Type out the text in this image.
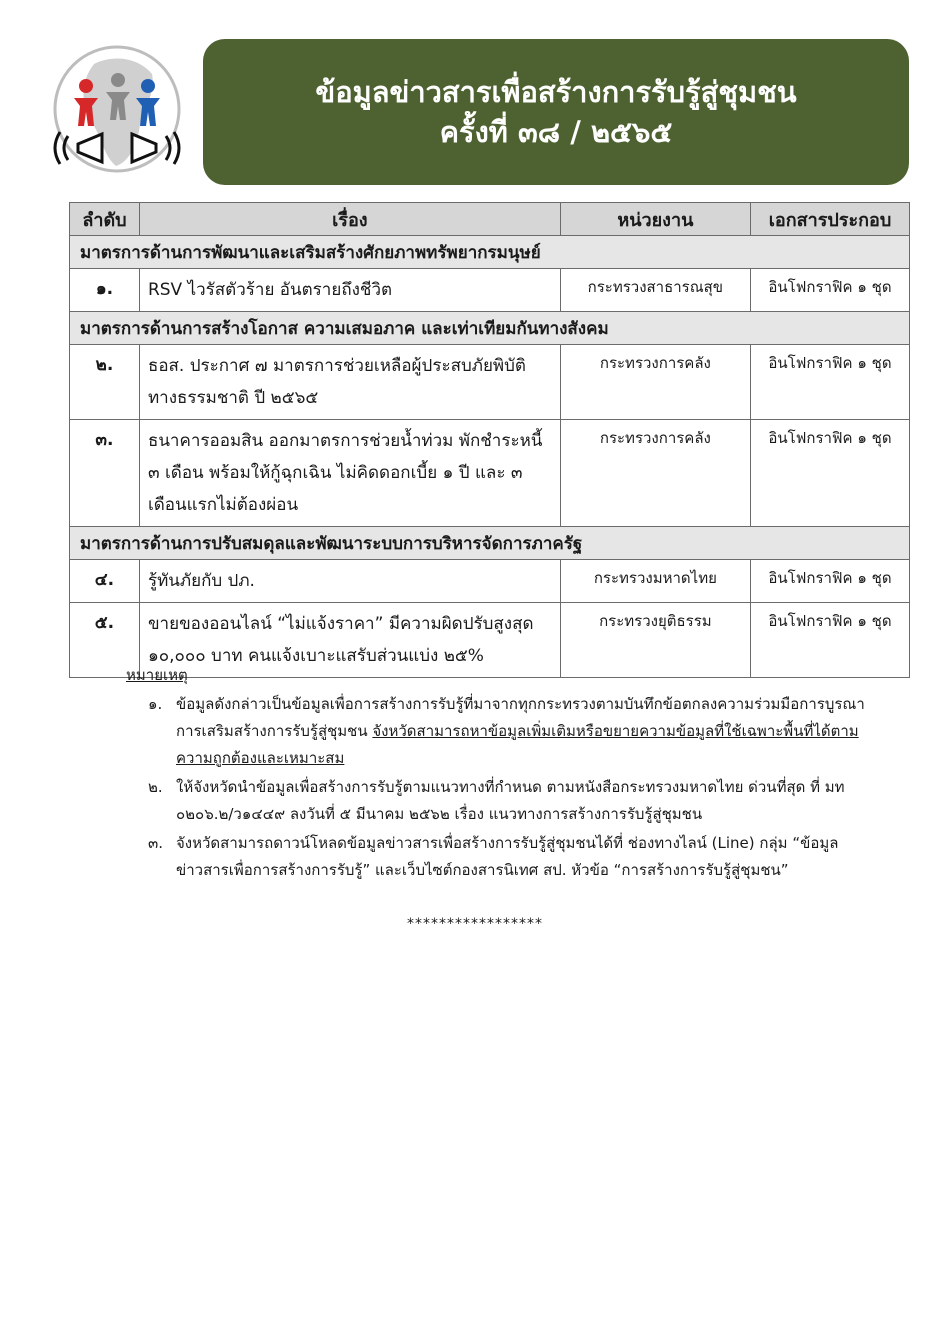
ข้อมูลข่าวสารเพื่อสร้างการรับรู้สู่ชุมชน
ครั้งที่ ๓๘ / ๒๕๖๕
ลำดับ	เรื่อง	หน่วยงาน	เอกสารประกอบ
มาตรการด้านการพัฒนาและเสริมสร้างศักยภาพทรัพยากรมนุษย์			
๑.	RSV ไวรัสตัวร้าย อันตรายถึงชีวิต	กระทรวงสาธารณสุข	อินโฟกราฟิค ๑ ชุด
มาตรการด้านการสร้างโอกาส ความเสมอภาค และเท่าเทียมกันทางสังคม			
๒.	ธอส. ประกาศ ๗ มาตรการช่วยเหลือผู้ประสบภัยพิบัติ ทางธรรมชาติ ปี ๒๕๖๕	กระทรวงการคลัง	อินโฟกราฟิค ๑ ชุด
๓.	ธนาคารออมสิน ออกมาตรการช่วยน้ำท่วม พักชำระหนี้ ๓ เดือน พร้อมให้กู้ฉุกเฉิน ไม่คิดดอกเบี้ย ๑ ปี และ ๓ เดือนแรกไม่ต้องผ่อน	กระทรวงการคลัง	อินโฟกราฟิค ๑ ชุด
มาตรการด้านการปรับสมดุลและพัฒนาระบบการบริหารจัดการภาครัฐ			
๔.	รู้ทันภัยกับ ปภ.	กระทรวงมหาดไทย	อินโฟกราฟิค ๑ ชุด
๕.	ขายของออนไลน์ “ไม่แจ้งราคา” มีความผิดปรับสูงสุด ๑๐,๐๐๐ บาท คนแจ้งเบาะแสรับส่วนแบ่ง ๒๕%	กระทรวงยุติธรรม	อินโฟกราฟิค ๑ ชุด
หมายเหตุ
๑. ข้อมูลดังกล่าวเป็นข้อมูลเพื่อการสร้างการรับรู้ที่มาจากทุกกระทรวงตามบันทึกข้อตกลงความร่วมมือการบูรณาการเสริมสร้างการรับรู้สู่ชุมชน จังหวัดสามารถหาข้อมูลเพิ่มเติมหรือขยายความข้อมูลที่ใช้เฉพาะพื้นที่ได้ตามความถูกต้องและเหมาะสม
๒. ให้จังหวัดนำข้อมูลเพื่อสร้างการรับรู้ตามแนวทางที่กำหนด ตามหนังสือกระทรวงมหาดไทย ด่วนที่สุด ที่ มท ๐๒๐๖.๒/ว๑๔๔๙ ลงวันที่ ๕ มีนาคม ๒๕๖๒ เรื่อง แนวทางการสร้างการรับรู้สู่ชุมชน
๓. จังหวัดสามารถดาวน์โหลดข้อมูลข่าวสารเพื่อสร้างการรับรู้สู่ชุมชนได้ที่ ช่องทางไลน์ (Line) กลุ่ม “ข้อมูลข่าวสารเพื่อการสร้างการรับรู้” และเว็บไซต์กองสารนิเทศ สป. หัวข้อ “การสร้างการรับรู้สู่ชุมชน”
*****************
